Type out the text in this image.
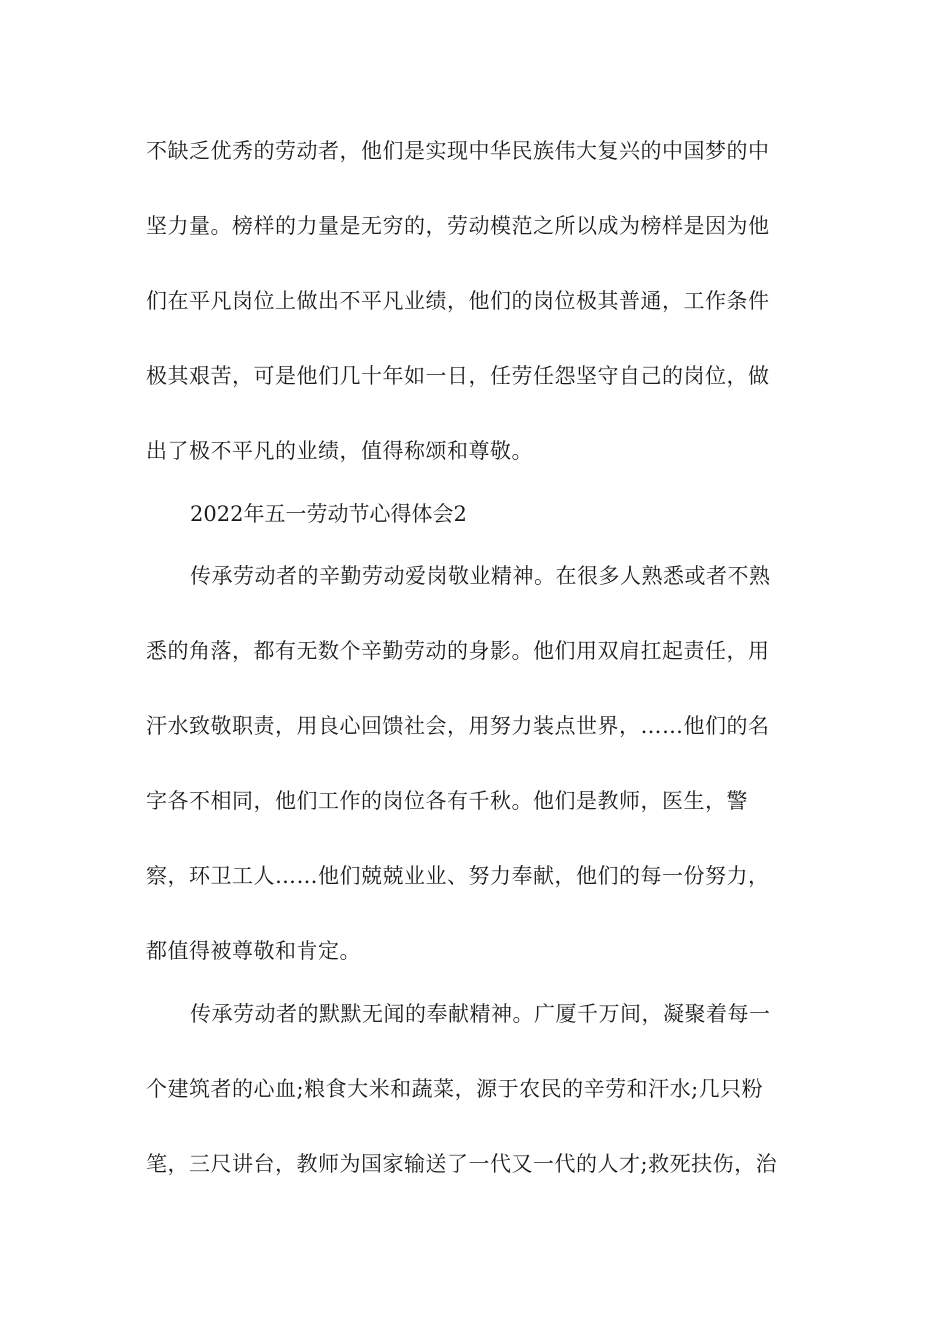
不缺乏优秀的劳动者，他们是实现中华民族伟大复兴的中国梦的中
坚力量。榜样的力量是无穷的，劳动模范之所以成为榜样是因为他
们在平凡岗位上做出不平凡业绩，他们的岗位极其普通，工作条件
极其艰苦，可是他们几十年如一日，任劳任怨坚守自己的岗位，做
出了极不平凡的业绩，值得称颂和尊敬。
2022年五一劳动节心得体会2
传承劳动者的辛勤劳动爱岗敬业精神。在很多人熟悉或者不熟
悉的角落，都有无数个辛勤劳动的身影。他们用双肩扛起责任，用
汗水致敬职责，用良心回馈社会，用努力装点世界，……他们的名
字各不相同，他们工作的岗位各有千秋。他们是教师，医生，警
察，环卫工人……他们兢兢业业、努力奉献，他们的每一份努力，
都值得被尊敬和肯定。
传承劳动者的默默无闻的奉献精神。广厦千万间，凝聚着每一
个建筑者的心血;粮食大米和蔬菜，源于农民的辛劳和汗水;几只粉
笔，三尺讲台，教师为国家输送了一代又一代的人才;救死扶伤，治
